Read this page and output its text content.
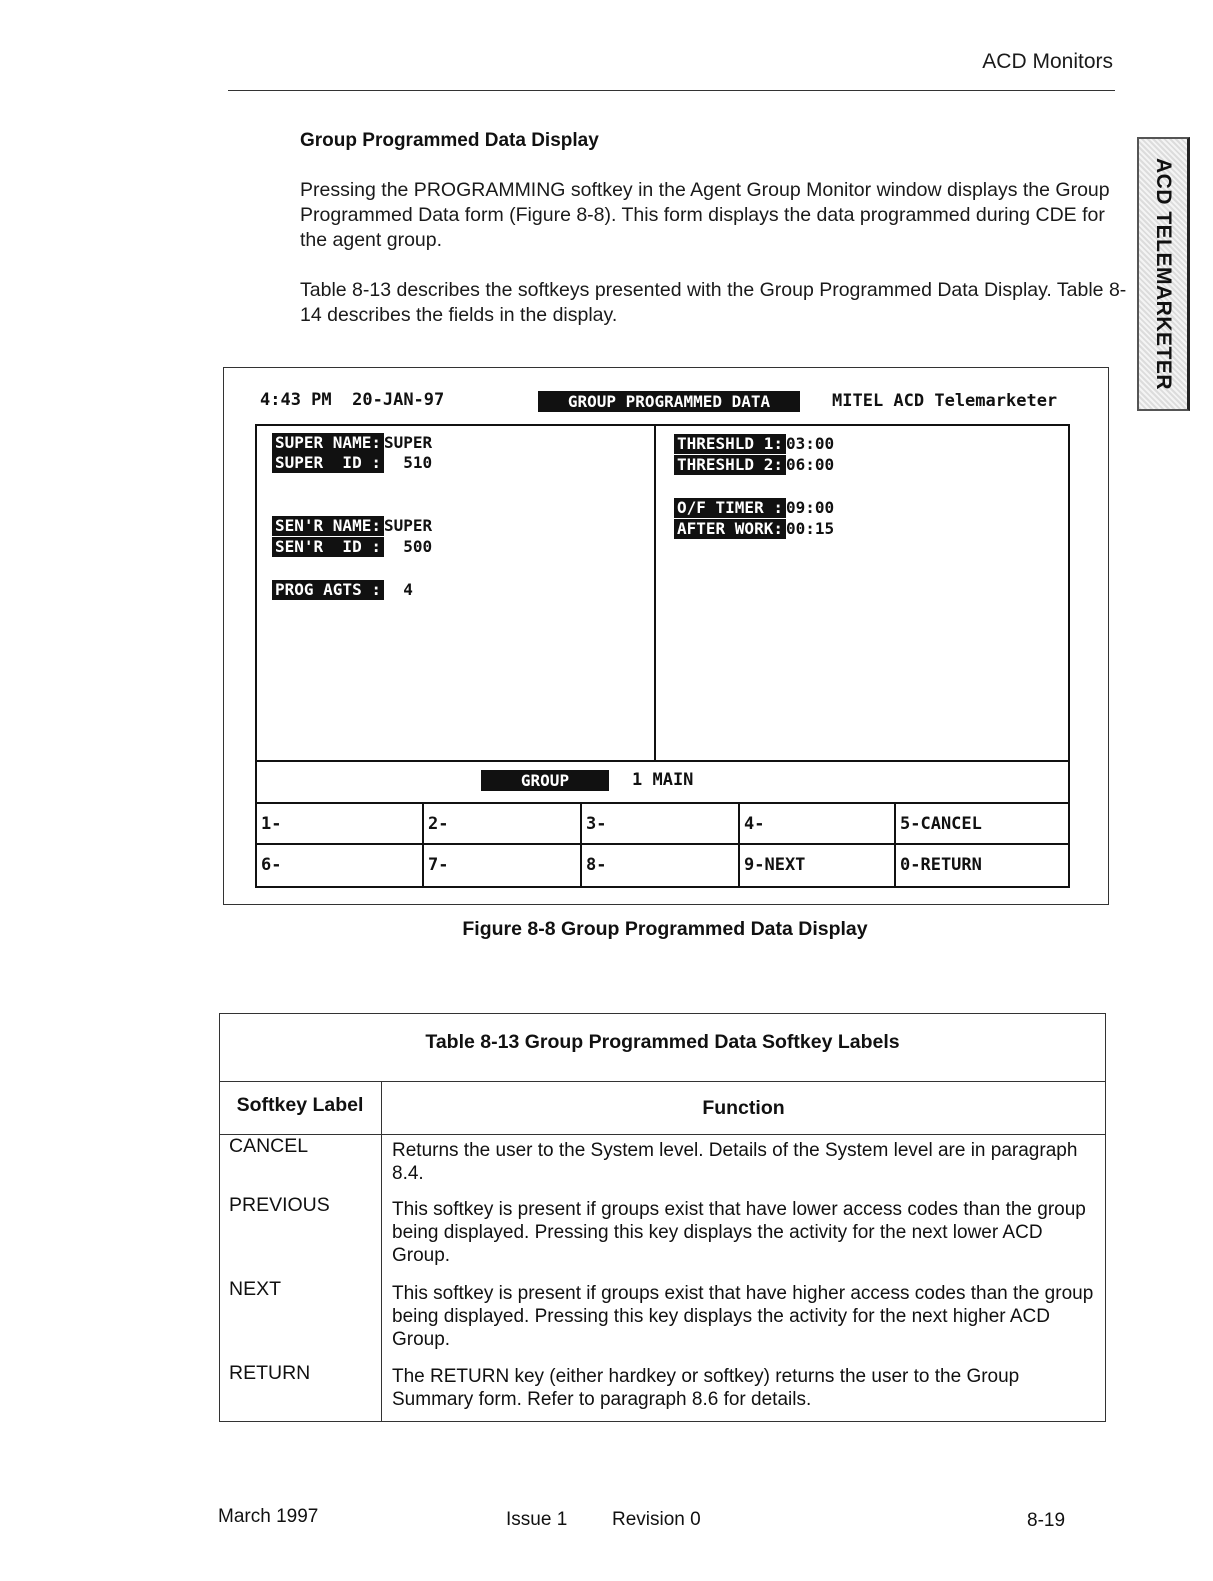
ACD Monitors
ACD TELEMARKETER
Group Programmed Data Display
Pressing the PROGRAMMING softkey in the Agent Group Monitor window displays the Group Programmed Data form (Figure 8-8). This form displays the data programmed during CDE for the agent group.
Table 8-13 describes the softkeys presented with the Group Programmed Data Display. Table 8-14 describes the fields in the display.
4:43 PM 20-JAN-97	GROUP PROGRAMMED DATA	MITEL ACD Telemarketer
SUPER NAME: SUPER
SUPER  ID :  510
SEN'R NAME: SUPER
SEN'R  ID :  500
PROG AGTS :  4
THRESHLD 1: 03:00
THRESHLD 2: 06:00
O/F TIMER : 09:00
AFTER WORK: 00:15
GROUP	1 MAIN
1-	2-	3-	4-	5-CANCEL
6-	7-	8-	9-NEXT	0-RETURN
Figure 8-8 Group Programmed Data Display
Table 8-13 Group Programmed Data Softkey Labels
Softkey Label	Function
CANCEL	Returns the user to the System level. Details of the System level are in paragraph 8.4.
PREVIOUS	This softkey is present if groups exist that have lower access codes than the group being displayed. Pressing this key displays the activity for the next lower ACD Group.
NEXT	This softkey is present if groups exist that have higher access codes than the group being displayed. Pressing this key displays the activity for the next higher ACD Group.
RETURN	The RETURN key (either hardkey or softkey) returns the user to the Group Summary form. Refer to paragraph 8.6 for details.
March 1997	Issue 1 Revision 0	8-19
